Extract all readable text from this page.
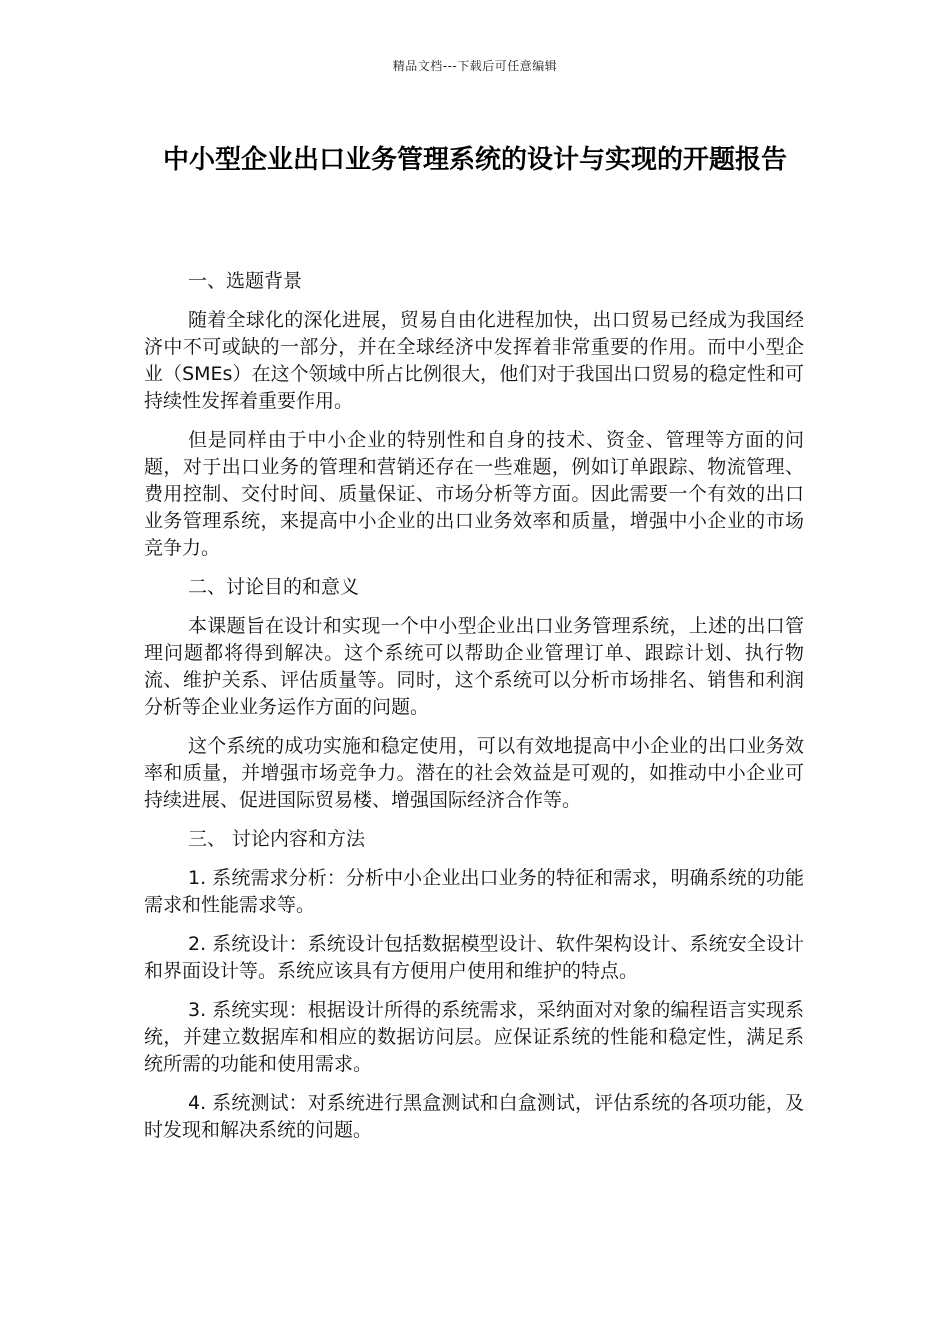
精品文档---下载后可任意编辑
中小型企业出口业务管理系统的设计与实现的开题报告

一、选题背景

随着全球化的深化进展，贸易自由化进程加快，出口贸易已经成为我国经济中不可或缺的一部分，并在全球经济中发挥着非常重要的作用。而中小型企业（SMEs）在这个领域中所占比例很大，他们对于我国出口贸易的稳定性和可持续性发挥着重要作用。

但是同样由于中小企业的特别性和自身的技术、资金、管理等方面的问题，对于出口业务的管理和营销还存在一些难题，例如订单跟踪、物流管理、费用控制、交付时间、质量保证、市场分析等方面。因此需要一个有效的出口业务管理系统，来提高中小企业的出口业务效率和质量，增强中小企业的市场竞争力。

二、讨论目的和意义

本课题旨在设计和实现一个中小型企业出口业务管理系统，上述的出口管理问题都将得到解决。这个系统可以帮助企业管理订单、跟踪计划、执行物流、维护关系、评估质量等。同时，这个系统可以分析市场排名、销售和利润分析等企业业务运作方面的问题。

这个系统的成功实施和稳定使用，可以有效地提高中小企业的出口业务效率和质量，并增强市场竞争力。潜在的社会效益是可观的，如推动中小企业可持续进展、促进国际贸易楼、增强国际经济合作等。

三、 讨论内容和方法

1. 系统需求分析：分析中小企业出口业务的特征和需求，明确系统的功能需求和性能需求等。

2. 系统设计：系统设计包括数据模型设计、软件架构设计、系统安全设计和界面设计等。系统应该具有方便用户使用和维护的特点。

3. 系统实现：根据设计所得的系统需求，采纳面对对象的编程语言实现系统，并建立数据库和相应的数据访问层。应保证系统的性能和稳定性，满足系统所需的功能和使用需求。

4. 系统测试：对系统进行黑盒测试和白盒测试，评估系统的各项功能，及时发现和解决系统的问题。
